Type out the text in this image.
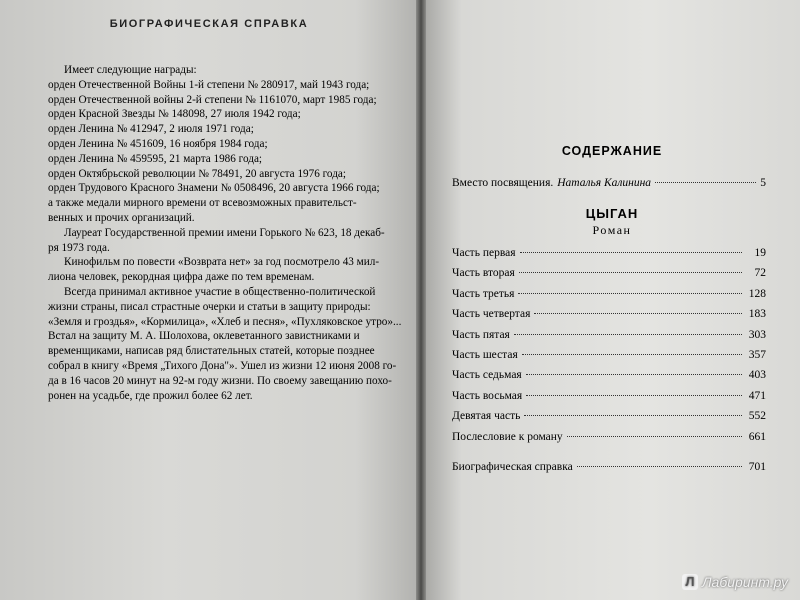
БИОГРАФИЧЕСКАЯ СПРАВКА
Имеет следующие награды:
орден Отечественной Войны 1-й степени № 280917, май 1943 года;
орден Отечественной войны 2-й степени № 1161070, март 1985 года;
орден Красной Звезды № 148098, 27 июля 1942 года;
орден Ленина № 412947, 2 июля 1971 года;
орден Ленина № 451609, 16 ноября 1984 года;
орден Ленина № 459595, 21 марта 1986 года;
орден Октябрьской революции № 78491, 20 августа 1976 года;
орден Трудового Красного Знамени № 0508496, 20 августа 1966 года;
а также медали мирного времени от всевозможных правительст-
венных и прочих организаций.
Лауреат Государственной премии имени Горького № 623, 18 декаб-
ря 1973 года.
Кинофильм по повести «Возврата нет» за год посмотрело 43 мил-
лиона человек, рекордная цифра даже по тем временам.
Всегда принимал активное участие в общественно-политической
жизни страны, писал страстные очерки и статьи в защиту природы:
«Земля и гроздья», «Кормилица», «Хлеб и песня», «Пухляковское утро»...
Встал на защиту М. А. Шолохова, оклеветанного завистниками и
временщиками, написав ряд блистательных статей, которые позднее
собрал в книгу «Время „Тихого Дона"». Ушел из жизни 12 июня 2008 го-
да в 16 часов 20 минут на 92-м году жизни. По своему завещанию похо-
ронен на усадьбе, где прожил более 62 лет.
СОДЕРЖАНИЕ
Вместо посвящения. Наталья Калинина	5
ЦЫГАН
Роман
Часть первая	19
Часть вторая	72
Часть третья	128
Часть четвертая	183
Часть пятая	303
Часть шестая	357
Часть седьмая	403
Часть восьмая	471
Девятая часть	552
Послесловие к роману	661
Биографическая справка	701
Л Лабиринт.ру
